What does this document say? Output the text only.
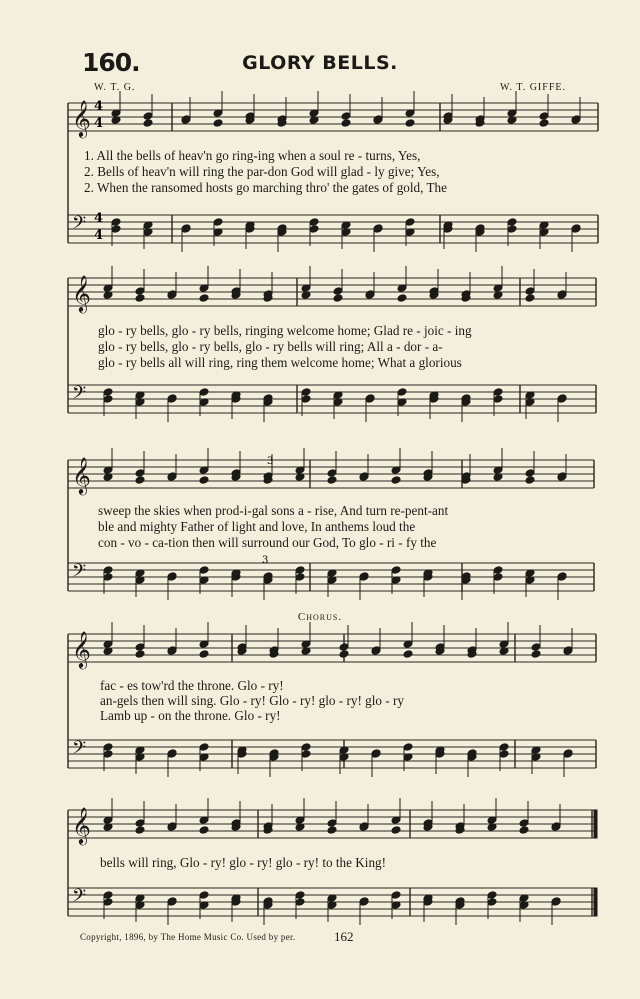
160.	GLORY BELLS.
W. T. G.	W. T. GIFFE.
𝄞
𝄢
𝄞
𝄢
𝄞
𝄢
𝄞
𝄢
𝄞
𝄢
4
4
4
4
3
3
1. All the bells of heav'n go ring-ing when a soul re - turns, Yes,
2. Bells of heav'n will ring the par-don God will glad - ly give; Yes,
2. When the ransomed hosts go marching thro' the gates of gold, The
glo - ry bells, glo - ry bells, ringing welcome home; Glad re - joic - ing
glo - ry bells, glo - ry bells, glo - ry bells will ring; All a - dor - a-
glo - ry bells all will ring, ring them welcome home; What a glorious
sweep the skies when prod-i-gal sons a - rise, And turn re-pent-ant
ble and mighty Father of light and love, In anthems loud the
con - vo - ca-tion then will surround our God, To glo - ri - fy the
Chorus.
fac - es tow'rd the throne. Glo - ry!
an-gels then will sing. Glo - ry! Glo - ry! glo - ry! glo - ry
Lamb up - on the throne. Glo - ry!
bells will ring, Glo - ry! glo - ry! glo - ry! to the King!
Copyright, 1896, by The Home Music Co. Used by per.	162
